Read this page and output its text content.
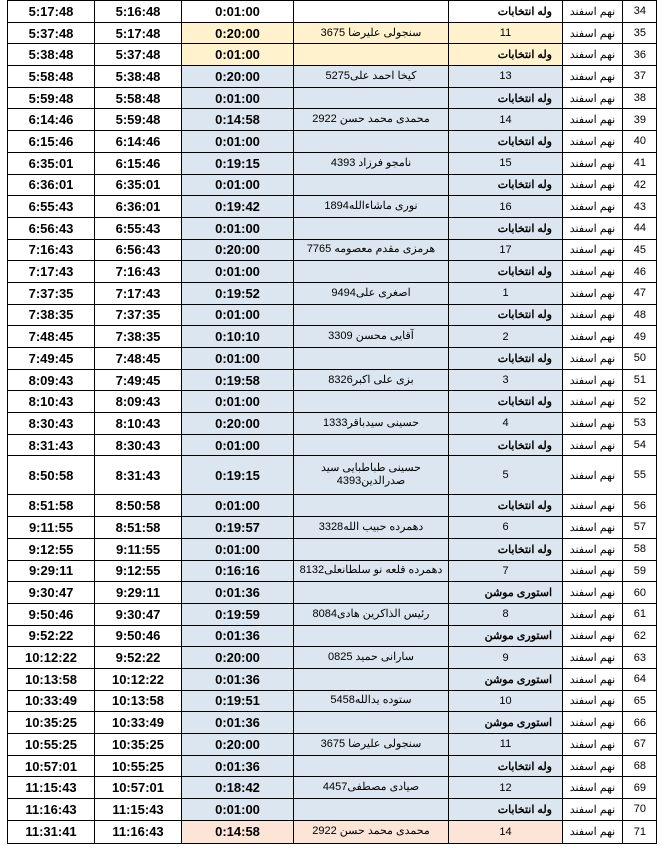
5:17:48	5:16:48	0:01:00		وله انتخابات	نهم اسفند	34
5:37:48	5:17:48	0:20:00	سنجولی علیرضا 3675	11	نهم اسفند	35
5:38:48	5:37:48	0:01:00		وله انتخابات	نهم اسفند	36
5:58:48	5:38:48	0:20:00	کیخا احمد علی5275	13	نهم اسفند	37
5:59:48	5:58:48	0:01:00		وله انتخابات	نهم اسفند	38
6:14:46	5:59:48	0:14:58	محمدی محمد حسن 2922	14	نهم اسفند	39
6:15:46	6:14:46	0:01:00		وله انتخابات	نهم اسفند	40
6:35:01	6:15:46	0:19:15	نامجو فرزاد 4393	15	نهم اسفند	41
6:36:01	6:35:01	0:01:00		وله انتخابات	نهم اسفند	42
6:55:43	6:36:01	0:19:42	نوری ماشاءالله1894	16	نهم اسفند	43
6:56:43	6:55:43	0:01:00		وله انتخابات	نهم اسفند	44
7:16:43	6:56:43	0:20:00	هرمزی مقدم معصومه 7765	17	نهم اسفند	45
7:17:43	7:16:43	0:01:00		وله انتخابات	نهم اسفند	46
7:37:35	7:17:43	0:19:52	اصغری علی9494	1	نهم اسفند	47
7:38:35	7:37:35	0:01:00		وله انتخابات	نهم اسفند	48
7:48:45	7:38:35	0:10:10	آقایی محسن 3309	2	نهم اسفند	49
7:49:45	7:48:45	0:01:00		وله انتخابات	نهم اسفند	50
8:09:43	7:49:45	0:19:58	بزی علی اکبر8326	3	نهم اسفند	51
8:10:43	8:09:43	0:01:00		وله انتخابات	نهم اسفند	52
8:30:43	8:10:43	0:20:00	حسینی سیدباقر1333	4	نهم اسفند	53
8:31:43	8:30:43	0:01:00		وله انتخابات	نهم اسفند	54
8:50:58	8:31:43	0:19:15	حسینی طباطبایی سید صدرالدین4393	5	نهم اسفند	55
8:51:58	8:50:58	0:01:00		وله انتخابات	نهم اسفند	56
9:11:55	8:51:58	0:19:57	دهمرده حبیب الله3328	6	نهم اسفند	57
9:12:55	9:11:55	0:01:00		وله انتخابات	نهم اسفند	58
9:29:11	9:12:55	0:16:16	دهمرده قلعه نو سلطانعلی8132	7	نهم اسفند	59
9:30:47	9:29:11	0:01:36		استوری موشن	نهم اسفند	60
9:50:46	9:30:47	0:19:59	رئیس الذاکرین هادی8084	8	نهم اسفند	61
9:52:22	9:50:46	0:01:36		استوری موشن	نهم اسفند	62
10:12:22	9:52:22	0:20:00	سارانی حمید 0825	9	نهم اسفند	63
10:13:58	10:12:22	0:01:36		استوری موشن	نهم اسفند	64
10:33:49	10:13:58	0:19:51	ستوده یدالله5458	10	نهم اسفند	65
10:35:25	10:33:49	0:01:36		استوری موشن	نهم اسفند	66
10:55:25	10:35:25	0:20:00	سنجولی علیرضا 3675	11	نهم اسفند	67
10:57:01	10:55:25	0:01:36		وله انتخابات	نهم اسفند	68
11:15:43	10:57:01	0:18:42	صیادی مصطفی4457	12	نهم اسفند	69
11:16:43	11:15:43	0:01:00		وله انتخابات	نهم اسفند	70
11:31:41	11:16:43	0:14:58	محمدی محمد حسن 2922	14	نهم اسفند	71
